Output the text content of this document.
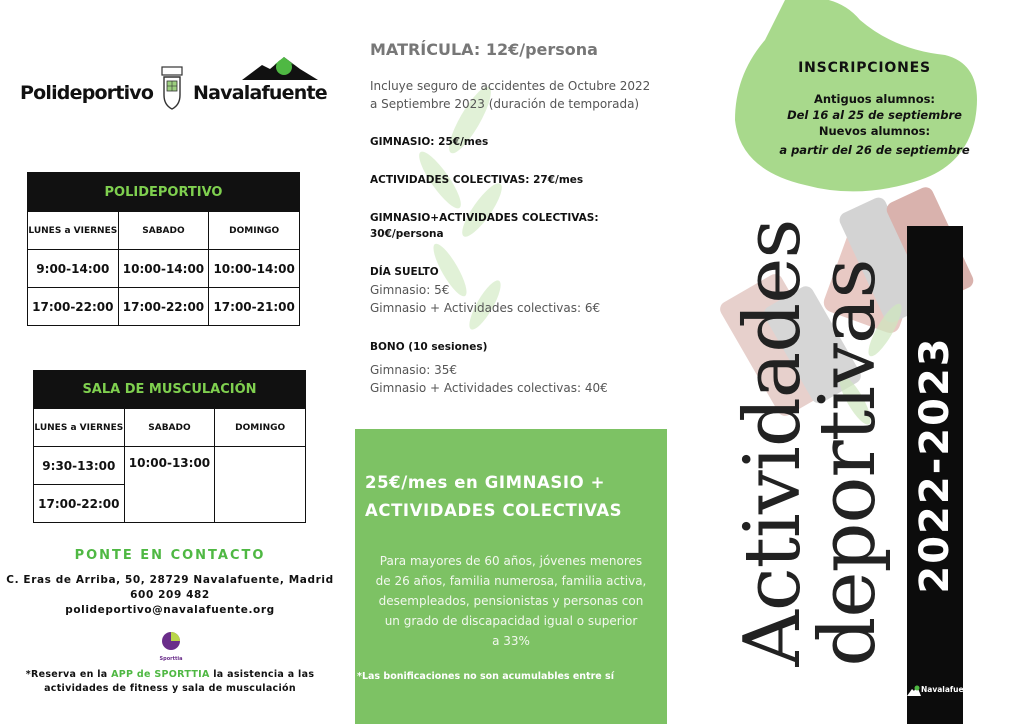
Polideportivo Navalafuente
POLIDEPORTIVO		
LUNES a VIERNES	SABADO	DOMINGO
9:00-14:00	10:00-14:00	10:00-14:00
17:00-22:00	17:00-22:00	17:00-21:00
SALA DE MUSCULACIÓN		
LUNES a VIERNES	SABADO	DOMINGO
9:30-13:00	10:00-13:00	
17:00-22:00		
PONTE EN CONTACTO
C. Eras de Arriba, 50, 28729 Navalafuente, Madrid
600 209 482
polideportivo@navalafuente.org
Sporttia
*Reserva en la APP de SPORTTIA la asistencia a las
actividades de fitness y sala de musculación
MATRÍCULA: 12€/persona
Incluye seguro de accidentes de Octubre 2022
a Septiembre 2023 (duración de temporada)
GIMNASIO: 25€/mes
ACTIVIDADES COLECTIVAS: 27€/mes
GIMNASIO+ACTIVIDADES COLECTIVAS:
30€/persona
DÍA SUELTO
Gimnasio: 5€
Gimnasio + Actividades colectivas: 6€
BONO (10 sesiones)
Gimnasio: 35€
Gimnasio + Actividades colectivas: 40€
25€/mes en GIMNASIO +
ACTIVIDADES COLECTIVAS
Para mayores de 60 años, jóvenes menores
de 26 años, familia numerosa, familia activa,
desempleados, pensionistas y personas con
un grado de discapacidad igual o superior
a 33%
*Las bonificaciones no son acumulables entre sí
INSCRIPCIONES
Antiguos alumnos:
Del 16 al 25 de septiembre
Nuevos alumnos:
a partir del 26 de septiembre
Actividades
deportivas 2022-2023
Navalafuente
